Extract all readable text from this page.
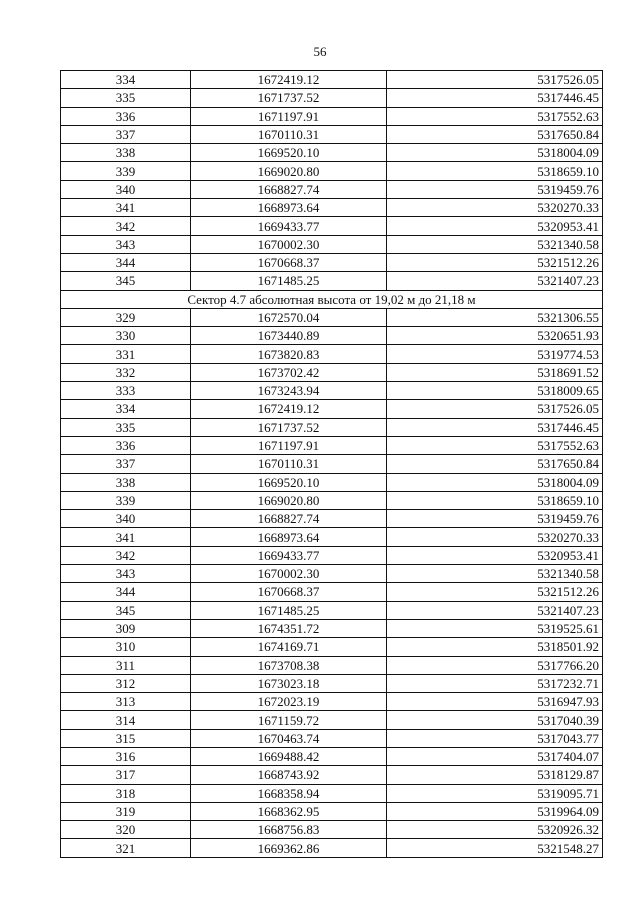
56
334	1672419.12	5317526.05
335	1671737.52	5317446.45
336	1671197.91	5317552.63
337	1670110.31	5317650.84
338	1669520.10	5318004.09
339	1669020.80	5318659.10
340	1668827.74	5319459.76
341	1668973.64	5320270.33
342	1669433.77	5320953.41
343	1670002.30	5321340.58
344	1670668.37	5321512.26
345	1671485.25	5321407.23
Сектор 4.7 абсолютная высота от 19,02 м до 21,18 м		
329	1672570.04	5321306.55
330	1673440.89	5320651.93
331	1673820.83	5319774.53
332	1673702.42	5318691.52
333	1673243.94	5318009.65
334	1672419.12	5317526.05
335	1671737.52	5317446.45
336	1671197.91	5317552.63
337	1670110.31	5317650.84
338	1669520.10	5318004.09
339	1669020.80	5318659.10
340	1668827.74	5319459.76
341	1668973.64	5320270.33
342	1669433.77	5320953.41
343	1670002.30	5321340.58
344	1670668.37	5321512.26
345	1671485.25	5321407.23
309	1674351.72	5319525.61
310	1674169.71	5318501.92
311	1673708.38	5317766.20
312	1673023.18	5317232.71
313	1672023.19	5316947.93
314	1671159.72	5317040.39
315	1670463.74	5317043.77
316	1669488.42	5317404.07
317	1668743.92	5318129.87
318	1668358.94	5319095.71
319	1668362.95	5319964.09
320	1668756.83	5320926.32
321	1669362.86	5321548.27
